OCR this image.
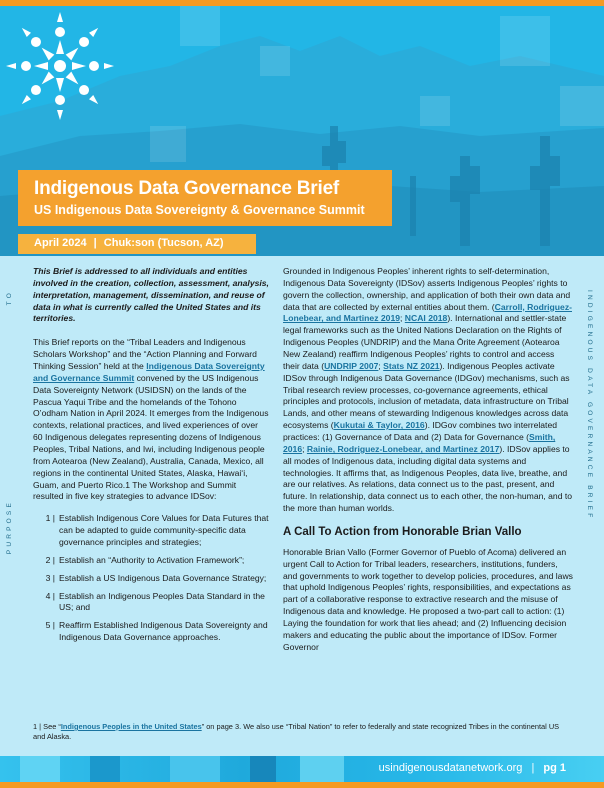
Indigenous Data Governance Brief
US Indigenous Data Sovereignty & Governance Summit
April 2024 | Chuk:son (Tucson, AZ)
TO
PURPOSE
INDIGENOUS DATA GOVERNANCE BRIEF

This Brief is addressed to all individuals and entities involved in the creation, collection, assessment, analysis, interpretation, management, dissemination, and reuse of data in what is currently called the United States and its territories.

This Brief reports on the “Tribal Leaders and Indigenous Scholars Workshop” and the “Action Planning and Forward Thinking Session” held at the Indigenous Data Sovereignty and Governance Summit convened by the US Indigenous Data Sovereignty Network (USIDSN) on the lands of the Pascua Yaqui Tribe and the homelands of the Tohono O’odham Nation in April 2024. It emerges from the Indigenous contexts, relational practices, and lived experiences of over 60 Indigenous delegates representing dozens of Indigenous Peoples, Tribal Nations, and Iwi, including Indigenous people from Aotearoa (New Zealand), Australia, Canada, Mexico, all regions in the continental United States, Alaska, Hawai‘i, Guam, and Puerto Rico.1 The Workshop and Summit resulted in five key strategies to advance IDSov:

1 | Establish Indigenous Core Values for Data Futures that can be adapted to guide community-specific data governance principles and strategies;
2 | Establish an “Authority to Activation Framework”;
3 | Establish a US Indigenous Data Governance Strategy;
4 | Establish an Indigenous Peoples Data Standard in the US; and
5 | Reaffirm Established Indigenous Data Sovereignty and Indigenous Data Governance approaches.

Grounded in Indigenous Peoples’ inherent rights to self-determination, Indigenous Data Sovereignty (IDSov) asserts Indigenous Peoples’ rights to govern the collection, ownership, and application of both their own data and data that are collected by external entities about them. (Carroll, Rodriguez-Lonebear, and Martinez 2019; NCAI 2018). International and settler-state legal frameworks such as the United Nations Declaration on the Rights of Indigenous Peoples (UNDRIP) and the Mana Ōrite Agreement (Aotearoa New Zealand) reaffirm Indigenous Peoples’ rights to control and access their data (UNDRIP 2007; Stats NZ 2021). Indigenous Peoples activate IDSov through Indigenous Data Governance (IDGov) mechanisms, such as Tribal research review processes, co-governance agreements, ethical principles and protocols, inclusion of metadata, data infrastructure on Tribal Lands, and other means of stewarding Indigenous knowledges across data ecosystems (Kukutai & Taylor, 2016). IDGov combines two interrelated practices: (1) Governance of Data and (2) Data for Governance (Smith, 2016; Rainie, Rodriguez-Lonebear, and Martinez 2017). IDSov applies to all modes of Indigenous data, including digital data systems and technologies. It affirms that, as Indigenous Peoples, data live, breathe, and are our relatives. As relations, data connect us to the past, present, and future. In relationship, data connect us to each other, the non-human, and to the more than human worlds.

A Call To Action from Honorable Brian Vallo

Honorable Brian Vallo (Former Governor of Pueblo of Acoma) delivered an urgent Call to Action for Tribal leaders, researchers, institutions, funders, and governments to work together to develop policies, procedures, and laws that uphold Indigenous Peoples’ rights, responsibilities, and expectations as part of a collaborative response to extractive research and the misuse of Indigenous data and knowledge. He proposed a two-part call to action: (1) Laying the foundation for work that lies ahead; and (2) Influencing decision makers and educating the public about the importance of IDSov. Former Governor

1 | See “Indigenous Peoples in the United States” on page 3. We also use “Tribal Nation” to refer to federally and state recognized Tribes in the continental US and Alaska.
usindigenousdatanetwork.org | pg 1
